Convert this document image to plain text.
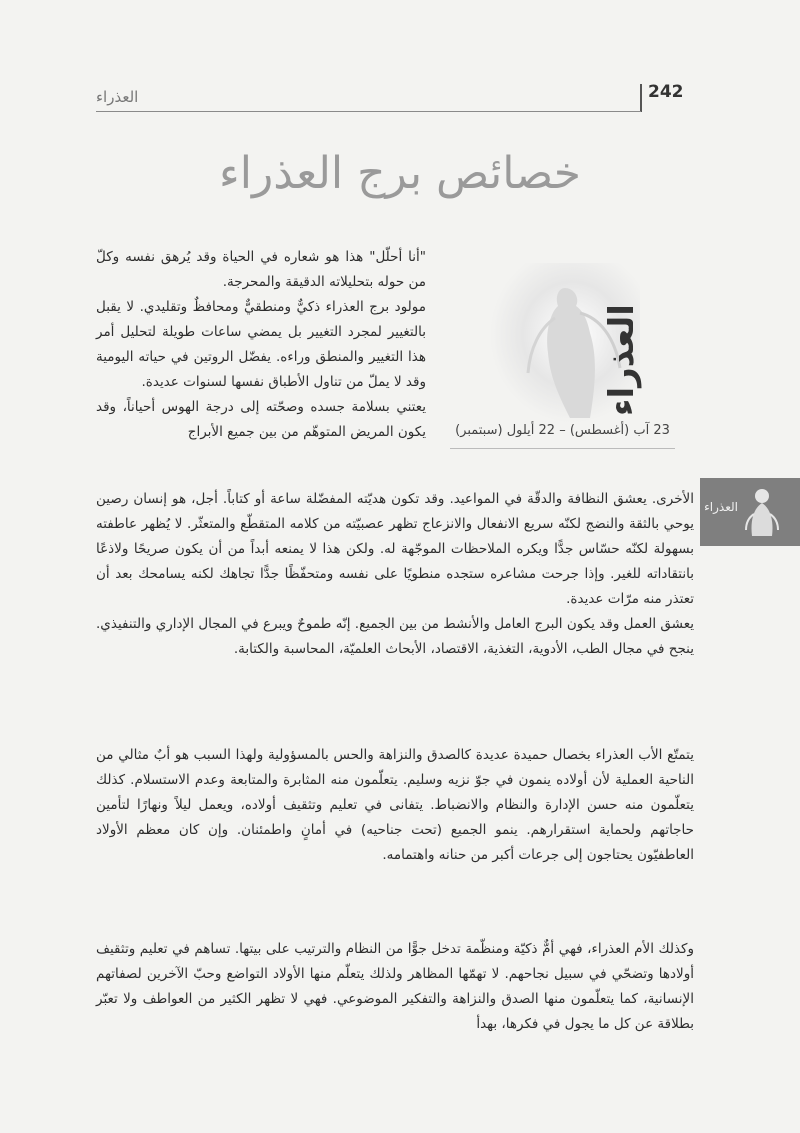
242
العذراء
خصائص برج العذراء
العذراء
23 آب (أغسطس) – 22 أيلول (سبتمبر)
العذراء

"أنا أحلّل" هذا هو شعاره في الحياة وقد يُرهق نفسه وكلّ من حوله بتحليلاته الدقيقة والمحرجة.

مولود برج العذراء ذكيٌّ ومنطقيٌّ ومحافظٌ وتقليدي. لا يقبل بالتغيير لمجرد التغيير بل يمضي ساعات طويلة لتحليل أمر هذا التغيير والمنطق وراءه. يفضّل الروتين في حياته اليومية وقد لا يملّ من تناول الأطباق نفسها لسنوات عديدة.

يعتني بسلامة جسده وصحّته إلى درجة الهوس أحياناً، وقد يكون المريض المتوهّم من بين جميع الأبراج

الأخرى. يعشق النظافة والدقّة في المواعيد. وقد تكون هديّته المفضّلة ساعة أو كتاباً. أجل، هو إنسان رصين يوحي بالثقة والنضج لكنّه سريع الانفعال والانزعاج تظهر عصبيّته من كلامه المتقطّع والمتعثّر. لا يُظهر عاطفته بسهولة لكنّه حسّاس جدًّا ويكره الملاحظات الموجّهة له. ولكن هذا لا يمنعه أبداً من أن يكون صريحًا ولاذعًا بانتقاداته للغير. وإذا جرحت مشاعره ستجده منطويًا على نفسه ومتحفّظًا جدًّا تجاهك لكنه يسامحك بعد أن تعتذر منه مرّات عديدة.

يعشق العمل وقد يكون البرج العامل والأنشط من بين الجميع. إنّه طموحٌ ويبرع في المجال الإداري والتنفيذي. ينجح في مجال الطب، الأدوية، التغذية، الاقتصاد، الأبحاث العلميّة، المحاسبة والكتابة.

يتمتّع الأب العذراء بخصال حميدة عديدة كالصدق والنزاهة والحس بالمسؤولية ولهذا السبب هو أبٌ مثالي من الناحية العملية لأن أولاده ينمون في جوّ نزيه وسليم. يتعلّمون منه المثابرة والمتابعة وعدم الاستسلام. كذلك يتعلّمون منه حسن الإدارة والنظام والانضباط. يتفانى في تعليم وتثقيف أولاده، ويعمل ليلاً ونهارًا لتأمين حاجاتهم ولحماية استقرارهم. ينمو الجميع (تحت جناحيه) في أمانٍ واطمئنان. وإن كان معظم الأولاد العاطفيّون يحتاجون إلى جرعات أكبر من حنانه واهتمامه.

وكذلك الأم العذراء، فهي أمٌّ ذكيّة ومنظّمة تدخل جوًّا من النظام والترتيب على بيتها. تساهم في تعليم وتثقيف أولادها وتضحّي في سبيل نجاحهم. لا تهمّها المظاهر ولذلك يتعلّم منها الأولاد التواضع وحبّ الآخرين لصفاتهم الإنسانية، كما يتعلّمون منها الصدق والنزاهة والتفكير الموضوعي. فهي لا تظهر الكثير من العواطف ولا تعبّر بطلاقة عن كل ما يجول في فكرها، بهدأ
